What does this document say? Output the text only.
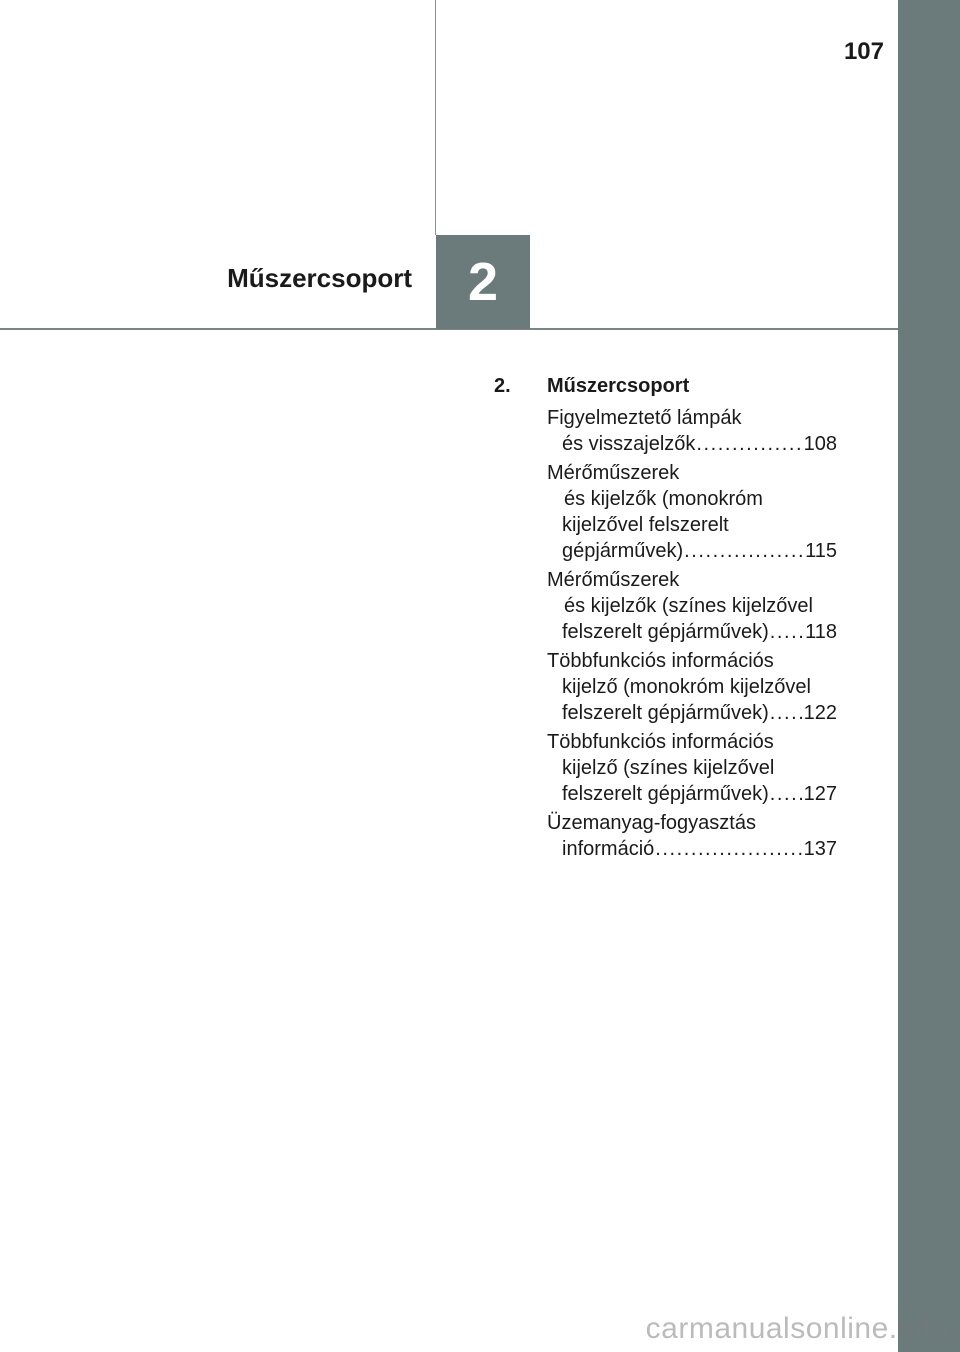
107
Műszercsoport 2
2.	Műszercsoport
Figyelmeztető lámpák
és visszajelzők . . .	108
Mérőműszerek
és kijelzők (monokróm
kijelzővel felszerelt
gépjárművek) . . .	115
Mérőműszerek
és kijelzők (színes kijelzővel
felszerelt gépjárművek) . . . 118
Többfunkciós információs
kijelző (monokróm kijelzővel
felszerelt gépjárművek) . . . 122
Többfunkciós információs
kijelző (színes kijelzővel
felszerelt gépjárművek) . . . 127
Üzemanyag-fogyasztás
információ . . .	137
carmanualsonline.info
